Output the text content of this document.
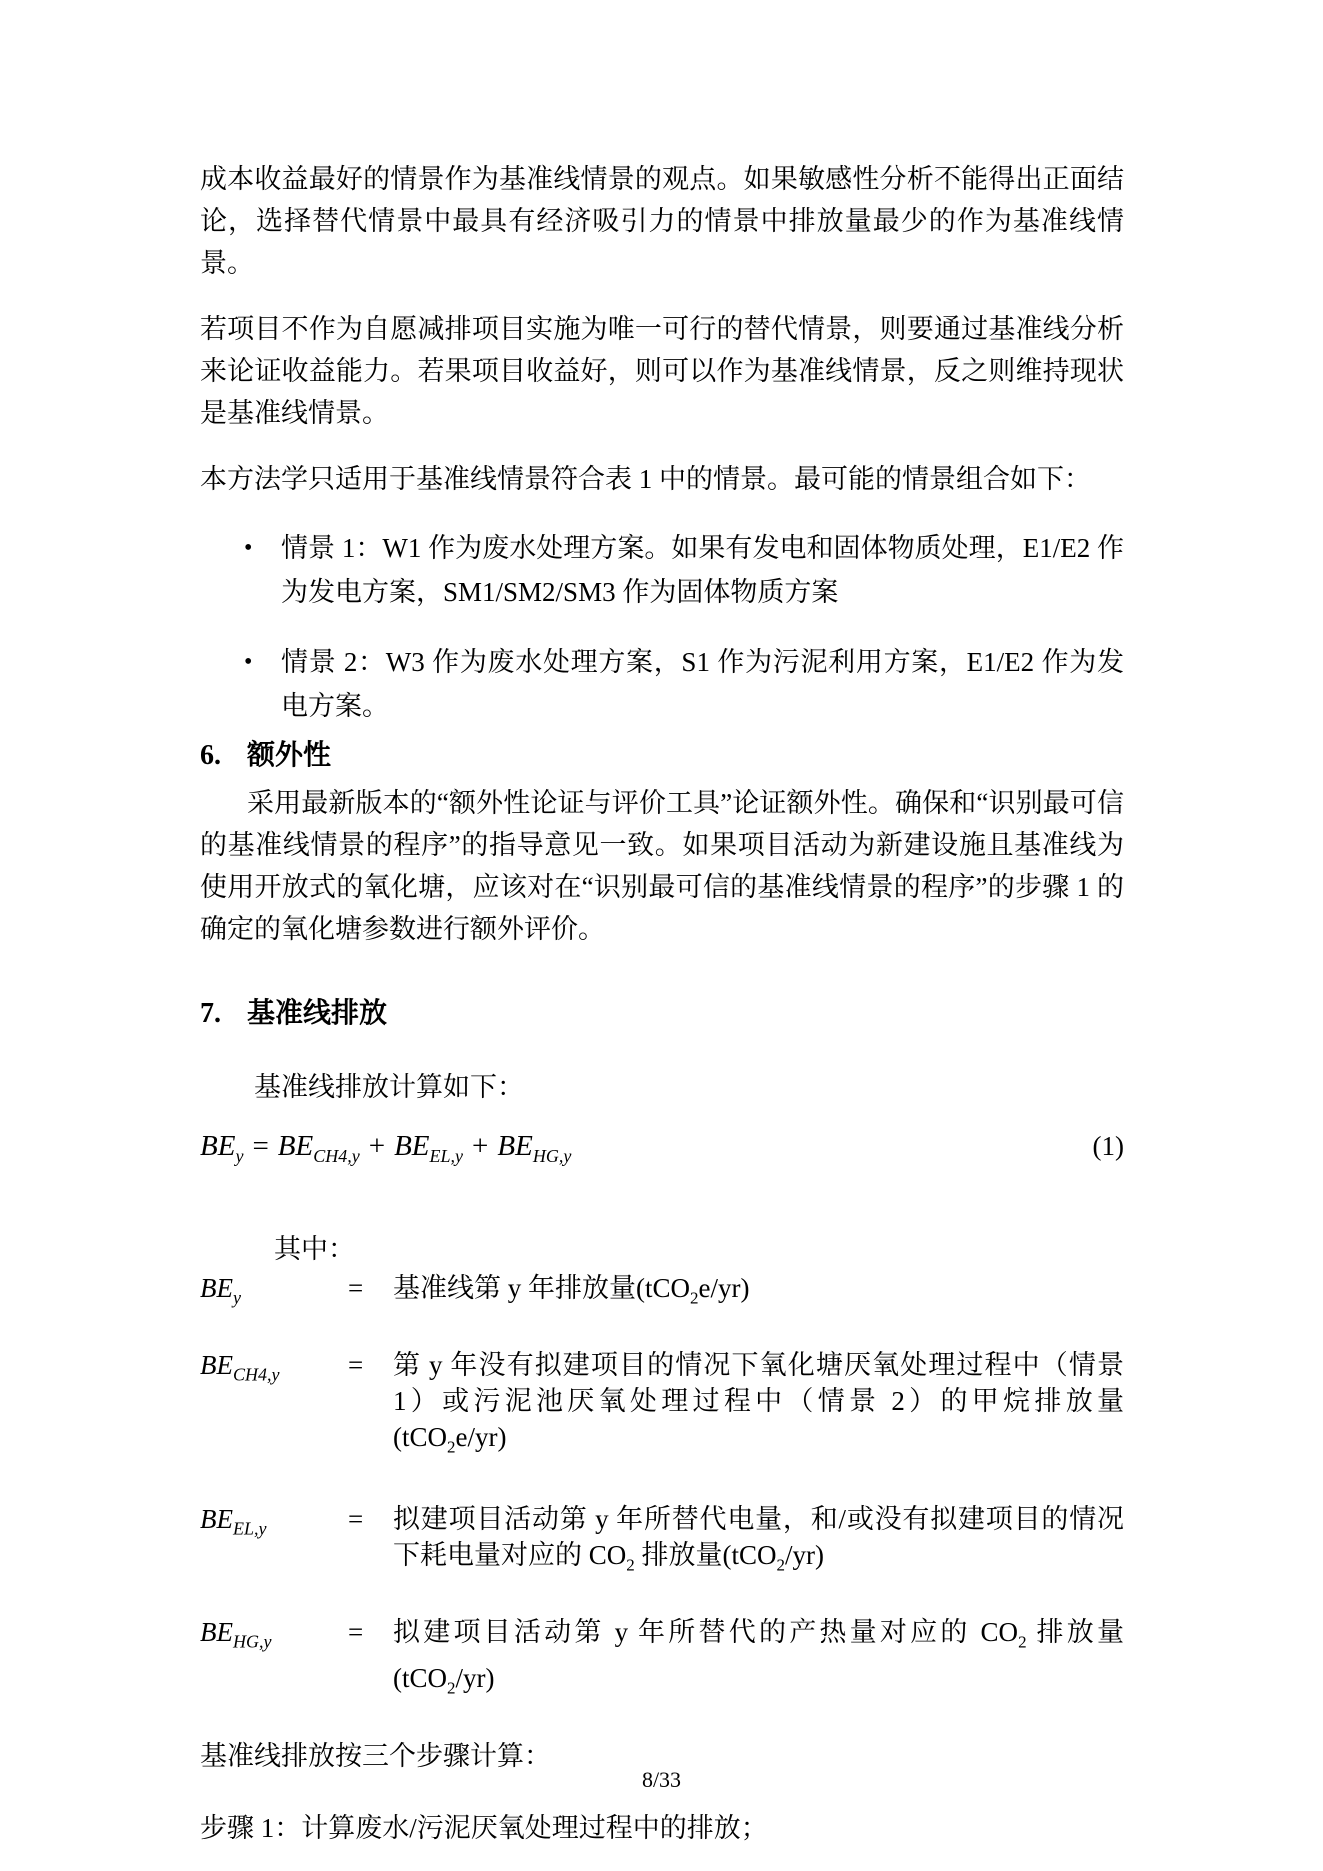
成本收益最好的情景作为基准线情景的观点。如果敏感性分析不能得出正面结论，选择替代情景中最具有经济吸引力的情景中排放量最少的作为基准线情景。

若项目不作为自愿减排项目实施为唯一可行的替代情景，则要通过基准线分析来论证收益能力。若果项目收益好，则可以作为基准线情景，反之则维持现状是基准线情景。

本方法学只适用于基准线情景符合表 1 中的情景。最可能的情景组合如下：

• 情景 1：W1 作为废水处理方案。如果有发电和固体物质处理，E1/E2 作为发电方案，SM1/SM2/SM3 作为固体物质方案
• 情景 2：W3 作为废水处理方案，S1 作为污泥利用方案，E1/E2 作为发电方案。
6. 额外性

采用最新版本的“额外性论证与评价工具”论证额外性。确保和“识别最可信的基准线情景的程序”的指导意见一致。如果项目活动为新建设施且基准线为使用开放式的氧化塘，应该对在“识别最可信的基准线情景的程序”的步骤 1 的确定的氧化塘参数进行额外评价。

7. 基准线排放

基准线排放计算如下：

$BE_y = BE_{CH4,y} + BE_{EL,y} + BE_{HG,y}$	(1)

其中：

$BE_y$	=	基准线第 y 年排放量(tCO$_2$e/yr)
$BE_{CH4,y}$	=	第 y 年没有拟建项目的情况下氧化塘厌氧处理过程中（情景 1）或污泥池厌氧处理过程中（情景 2）的甲烷排放量(tCO$_2$e/yr)
$BE_{EL,y}$	=	拟建项目活动第 y 年所替代电量，和/或没有拟建项目的情况下耗电量对应的 $CO_2$ 排放量(tCO$_2$/yr)
$BE_{HG,y}$	=	拟建项目活动第 y 年所替代的产热量对应的 $CO_2$ 排放量(tCO$_2$/yr)

基准线排放按三个步骤计算：

步骤 1：计算废水/污泥厌氧处理过程中的排放；

8/33
